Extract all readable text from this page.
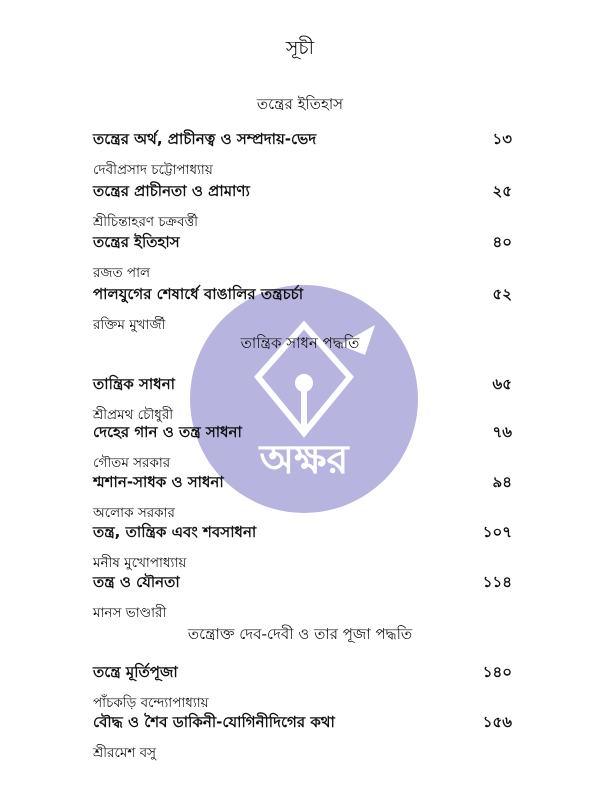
অক্ষর
সূচী
তন্ত্রের ইতিহাস
তন্ত্রের অর্থ, প্রাচীনত্ব ও সম্প্রদায়-ভেদ	১৩
দেবীপ্রসাদ চট্টোপাধ্যায়
তন্ত্রের প্রাচীনতা ও প্রামাণ্য	২৫
শ্রীচিন্তাহরণ চক্রবর্ত্তী
তন্ত্রের ইতিহাস	৪০
রজত পাল
পালযুগের শেষার্ধে বাঙালির তন্ত্রচর্চা	৫২
রক্তিম মুখার্জী
তান্ত্রিক সাধন পদ্ধতি
তান্ত্রিক সাধনা	৬৫
শ্রীপ্রমথ চৌধুরী
দেহের গান ও তন্ত্র সাধনা	৭৬
গৌতম সরকার
শ্মশান-সাধক ও সাধনা	৯৪
অলোক সরকার
তন্ত্র, তান্ত্রিক এবং শবসাধনা	১০৭
মনীষ মুখোপাধ্যায়
তন্ত্র ও যৌনতা	১১৪
মানস ভাণ্ডারী
তন্ত্রোক্ত দেব-দেবী ও তার পূজা পদ্ধতি
তন্ত্রে মূর্তিপূজা	১৪০
পাঁচকড়ি বন্দ্যোপাধ্যায়
বৌদ্ধ ও শৈব ডাকিনী-যোগিনীদিগের কথা	১৫৬
শ্রীরমেশ বসু
